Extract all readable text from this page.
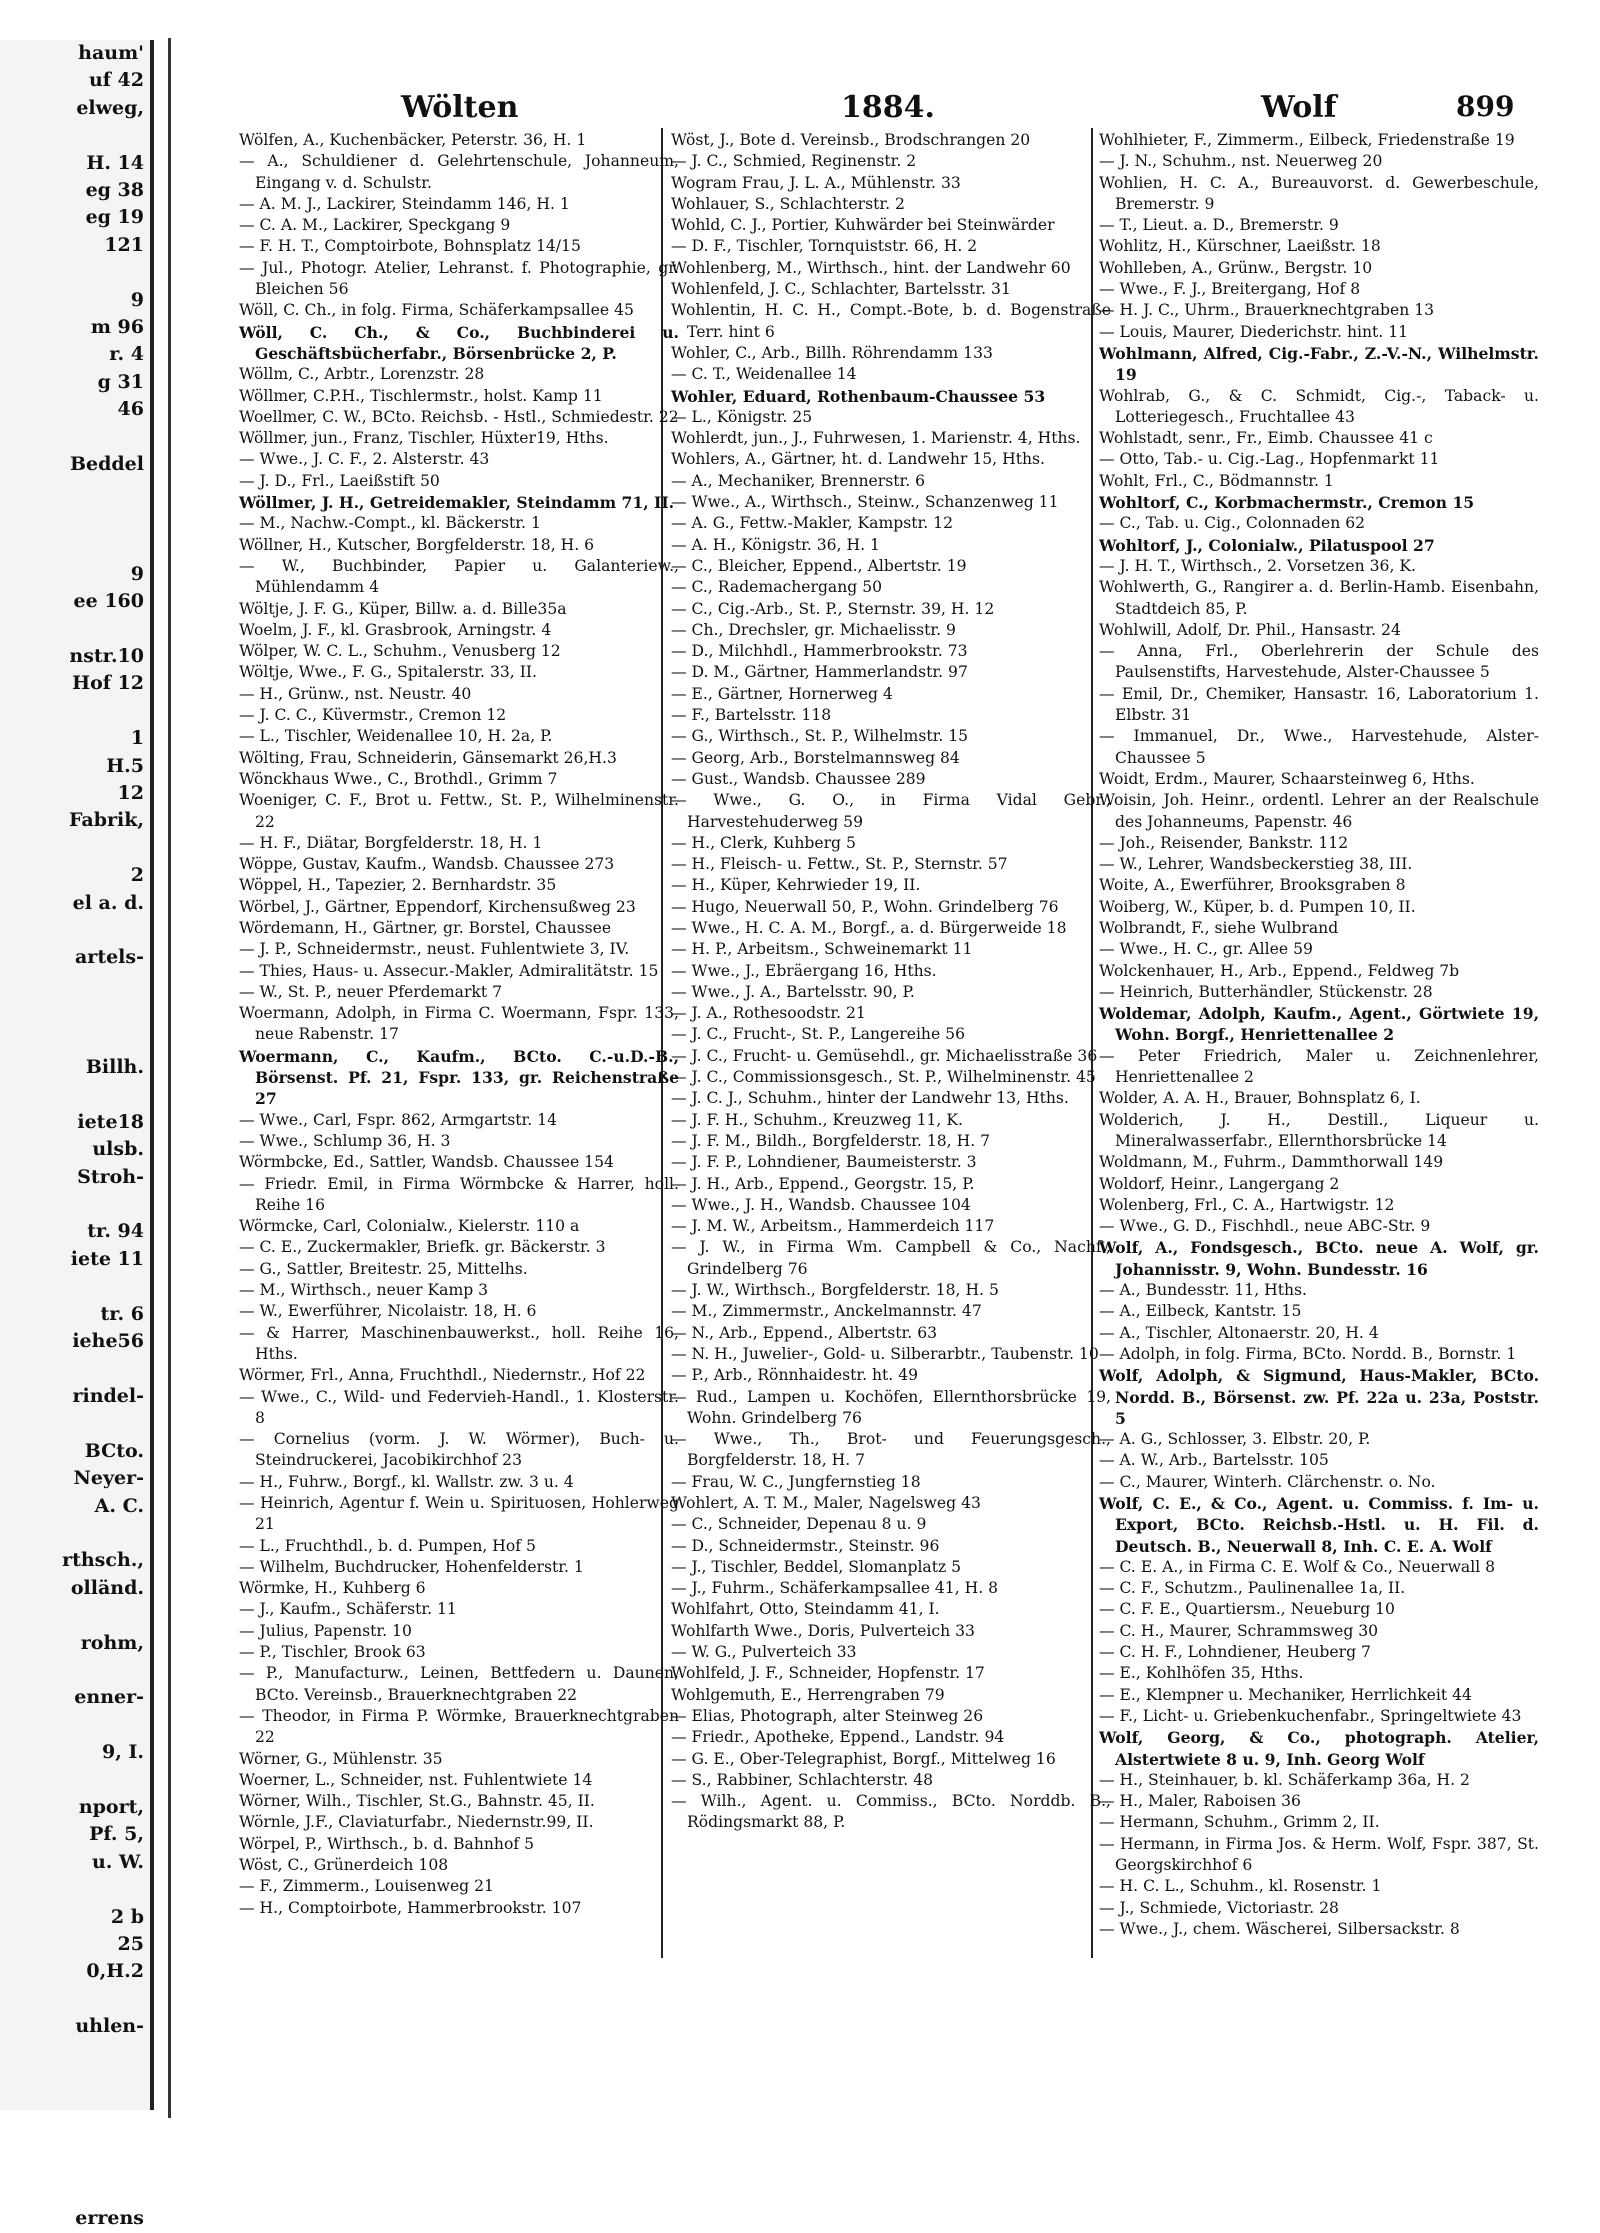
haum'
uf 42
elweg,

H. 14
eg 38
eg 19
121

9
m 96
r. 4
g 31
46

Beddel

9
ee 160

nstr.10
Hof 12

1
H.5
12
Fabrik,

2
el a. d.

artels-

Billh.

iete18
ulsb.
Stroh-

tr. 94
iete 11

tr. 6
iehe56

rindel-

BCto.
Neyer-
A. C.

rthsch.,
olländ.

rohm,

enner-

9, I.

nport,
Pf. 5,
u. W.

2 b
25
0,H.2

uhlen-

errens
Wölten	1884.	Wolf	899

Wölfen, A., Kuchenbäcker, Peterstr. 36, H. 1

— A., Schuldiener d. Gelehrtenschule, Johanneum, Eingang v. d. Schulstr.

— A. M. J., Lackirer, Steindamm 146, H. 1

— C. A. M., Lackirer, Speckgang 9

— F. H. T., Comptoirbote, Bohnsplatz 14/15

— Jul., Photogr. Atelier, Lehranst. f. Photographie, gr. Bleichen 56

Wöll, C. Ch., in folg. Firma, Schäferkampsallee 45

Wöll, C. Ch., & Co., Buchbinderei u. Geschäftsbücherfabr., Börsenbrücke 2, P.

Wöllm, C., Arbtr., Lorenzstr. 28

Wöllmer, C.P.H., Tischlermstr., holst. Kamp 11

Woellmer, C. W., BCto. Reichsb. - Hstl., Schmiedestr. 22

Wöllmer, jun., Franz, Tischler, Hüxter19, Hths.

— Wwe., J. C. F., 2. Alsterstr. 43

— J. D., Frl., Laeißstift 50

Wöllmer, J. H., Getreidemakler, Steindamm 71, II.

— M., Nachw.-Compt., kl. Bäckerstr. 1

Wöllner, H., Kutscher, Borgfelderstr. 18, H. 6

— W., Buchbinder, Papier u. Galanteriew., Mühlendamm 4

Wöltje, J. F. G., Küper, Billw. a. d. Bille35a

Woelm, J. F., kl. Grasbrook, Arningstr. 4

Wölper, W. C. L., Schuhm., Venusberg 12

Wöltje, Wwe., F. G., Spitalerstr. 33, II.

— H., Grünw., nst. Neustr. 40

— J. C. C., Küvermstr., Cremon 12

— L., Tischler, Weidenallee 10, H. 2a, P.

Wölting, Frau, Schneiderin, Gänsemarkt 26,H.3

Wönckhaus Wwe., C., Brothdl., Grimm 7

Woeniger, C. F., Brot u. Fettw., St. P., Wilhelminenstr. 22

— H. F., Diätar, Borgfelderstr. 18, H. 1

Wöppe, Gustav, Kaufm., Wandsb. Chaussee 273

Wöppel, H., Tapezier, 2. Bernhardstr. 35

Wörbel, J., Gärtner, Eppendorf, Kirchensußweg 23

Wördemann, H., Gärtner, gr. Borstel, Chaussee

— J. P., Schneidermstr., neust. Fuhlentwiete 3, IV.

— Thies, Haus- u. Assecur.-Makler, Admiralitätstr. 15

— W., St. P., neuer Pferdemarkt 7

Woermann, Adolph, in Firma C. Woermann, Fspr. 133, neue Rabenstr. 17

Woermann, C., Kaufm., BCto. C.-u.D.-B., Börsenst. Pf. 21, Fspr. 133, gr. Reichenstraße 27

— Wwe., Carl, Fspr. 862, Armgartstr. 14

— Wwe., Schlump 36, H. 3

Wörmbcke, Ed., Sattler, Wandsb. Chaussee 154

— Friedr. Emil, in Firma Wörmbcke & Harrer, holl. Reihe 16

Wörmcke, Carl, Colonialw., Kielerstr. 110 a

— C. E., Zuckermakler, Briefk. gr. Bäckerstr. 3

— G., Sattler, Breitestr. 25, Mittelhs.

— M., Wirthsch., neuer Kamp 3

— W., Ewerführer, Nicolaistr. 18, H. 6

— & Harrer, Maschinenbauwerkst., holl. Reihe 16, Hths.

Wörmer, Frl., Anna, Fruchthdl., Niedernstr., Hof 22

— Wwe., C., Wild- und Federvieh-Handl., 1. Klosterstr. 8

— Cornelius (vorm. J. W. Wörmer), Buch- u. Steindruckerei, Jacobikirchhof 23

— H., Fuhrw., Borgf., kl. Wallstr. zw. 3 u. 4

— Heinrich, Agentur f. Wein u. Spirituosen, Hohlerweg 21

— L., Fruchthdl., b. d. Pumpen, Hof 5

— Wilhelm, Buchdrucker, Hohenfelderstr. 1

Wörmke, H., Kuhberg 6

— J., Kaufm., Schäferstr. 11

— Julius, Papenstr. 10

— P., Tischler, Brook 63

— P., Manufacturw., Leinen, Bettfedern u. Daunen, BCto. Vereinsb., Brauerknechtgraben 22

— Theodor, in Firma P. Wörmke, Brauerknechtgraben 22

Wörner, G., Mühlenstr. 35

Woerner, L., Schneider, nst. Fuhlentwiete 14

Wörner, Wilh., Tischler, St.G., Bahnstr. 45, II.

Wörnle, J.F., Claviaturfabr., Niedernstr.99, II.

Wörpel, P., Wirthsch., b. d. Bahnhof 5

Wöst, C., Grünerdeich 108

— F., Zimmerm., Louisenweg 21

— H., Comptoirbote, Hammerbrookstr. 107

Wöst, J., Bote d. Vereinsb., Brodschrangen 20

— J. C., Schmied, Reginenstr. 2

Wogram Frau, J. L. A., Mühlenstr. 33

Wohlauer, S., Schlachterstr. 2

Wohld, C. J., Portier, Kuhwärder bei Steinwärder

— D. F., Tischler, Tornquiststr. 66, H. 2

Wohlenberg, M., Wirthsch., hint. der Landwehr 60

Wohlenfeld, J. C., Schlachter, Bartelsstr. 31

Wohlentin, H. C. H., Compt.-Bote, b. d. Bogenstraße Terr. hint 6

Wohler, C., Arb., Billh. Röhrendamm 133

— C. T., Weidenallee 14

Wohler, Eduard, Rothenbaum-Chaussee 53

— L., Königstr. 25

Wohlerdt, jun., J., Fuhrwesen, 1. Marienstr. 4, Hths.

Wohlers, A., Gärtner, ht. d. Landwehr 15, Hths.

— A., Mechaniker, Brennerstr. 6

— Wwe., A., Wirthsch., Steinw., Schanzenweg 11

— A. G., Fettw.-Makler, Kampstr. 12

— A. H., Königstr. 36, H. 1

— C., Bleicher, Eppend., Albertstr. 19

— C., Rademachergang 50

— C., Cig.-Arb., St. P., Sternstr. 39, H. 12

— Ch., Drechsler, gr. Michaelisstr. 9

— D., Milchhdl., Hammerbrookstr. 73

— D. M., Gärtner, Hammerlandstr. 97

— E., Gärtner, Hornerweg 4

— F., Bartelsstr. 118

— G., Wirthsch., St. P., Wilhelmstr. 15

— Georg, Arb., Borstelmannsweg 84

— Gust., Wandsb. Chaussee 289

— Wwe., G. O., in Firma Vidal Gebr., Harvestehuderweg 59

— H., Clerk, Kuhberg 5

— H., Fleisch- u. Fettw., St. P., Sternstr. 57

— H., Küper, Kehrwieder 19, II.

— Hugo, Neuerwall 50, P., Wohn. Grindelberg 76

— Wwe., H. C. A. M., Borgf., a. d. Bürgerweide 18

— H. P., Arbeitsm., Schweinemarkt 11

— Wwe., J., Ebräergang 16, Hths.

— Wwe., J. A., Bartelsstr. 90, P.

— J. A., Rothesoodstr. 21

— J. C., Frucht-, St. P., Langereihe 56

— J. C., Frucht- u. Gemüsehdl., gr. Michaelisstraße 36

— J. C., Commissionsgesch., St. P., Wilhelminenstr. 45

— J. C. J., Schuhm., hinter der Landwehr 13, Hths.

— J. F. H., Schuhm., Kreuzweg 11, K.

— J. F. M., Bildh., Borgfelderstr. 18, H. 7

— J. F. P., Lohndiener, Baumeisterstr. 3

— J. H., Arb., Eppend., Georgstr. 15, P.

— Wwe., J. H., Wandsb. Chaussee 104

— J. M. W., Arbeitsm., Hammerdeich 117

— J. W., in Firma Wm. Campbell & Co., Nachf., Grindelberg 76

— J. W., Wirthsch., Borgfelderstr. 18, H. 5

— M., Zimmermstr., Anckelmannstr. 47

— N., Arb., Eppend., Albertstr. 63

— N. H., Juwelier-, Gold- u. Silberarbtr., Taubenstr. 10

— P., Arb., Rönnhaidestr. ht. 49

— Rud., Lampen u. Kochöfen, Ellernthorsbrücke 19, Wohn. Grindelberg 76

— Wwe., Th., Brot- und Feuerungsgesch., Borgfelderstr. 18, H. 7

— Frau, W. C., Jungfernstieg 18

Wohlert, A. T. M., Maler, Nagelsweg 43

— C., Schneider, Depenau 8 u. 9

— D., Schneidermstr., Steinstr. 96

— J., Tischler, Beddel, Slomanplatz 5

— J., Fuhrm., Schäferkampsallee 41, H. 8

Wohlfahrt, Otto, Steindamm 41, I.

Wohlfarth Wwe., Doris, Pulverteich 33

— W. G., Pulverteich 33

Wohlfeld, J. F., Schneider, Hopfenstr. 17

Wohlgemuth, E., Herrengraben 79

— Elias, Photograph, alter Steinweg 26

— Friedr., Apotheke, Eppend., Landstr. 94

— G. E., Ober-Telegraphist, Borgf., Mittelweg 16

— S., Rabbiner, Schlachterstr. 48

— Wilh., Agent. u. Commiss., BCto. Norddb. B., Rödingsmarkt 88, P.

Wohlhieter, F., Zimmerm., Eilbeck, Friedenstraße 19

— J. N., Schuhm., nst. Neuerweg 20

Wohlien, H. C. A., Bureauvorst. d. Gewerbeschule, Bremerstr. 9

— T., Lieut. a. D., Bremerstr. 9

Wohlitz, H., Kürschner, Laeißstr. 18

Wohlleben, A., Grünw., Bergstr. 10

— Wwe., F. J., Breitergang, Hof 8

— H. J. C., Uhrm., Brauerknechtgraben 13

— Louis, Maurer, Diederichstr. hint. 11

Wohlmann, Alfred, Cig.-Fabr., Z.-V.-N., Wilhelmstr. 19

Wohlrab, G., & C. Schmidt, Cig.-, Taback- u. Lotteriegesch., Fruchtallee 43

Wohlstadt, senr., Fr., Eimb. Chaussee 41 c

— Otto, Tab.- u. Cig.-Lag., Hopfenmarkt 11

Wohlt, Frl., C., Bödmannstr. 1

Wohltorf, C., Korbmachermstr., Cremon 15

— C., Tab. u. Cig., Colonnaden 62

Wohltorf, J., Colonialw., Pilatuspool 27

— J. H. T., Wirthsch., 2. Vorsetzen 36, K.

Wohlwerth, G., Rangirer a. d. Berlin-Hamb. Eisenbahn, Stadtdeich 85, P.

Wohlwill, Adolf, Dr. Phil., Hansastr. 24

— Anna, Frl., Oberlehrerin der Schule des Paulsenstifts, Harvestehude, Alster-Chaussee 5

— Emil, Dr., Chemiker, Hansastr. 16, Laboratorium 1. Elbstr. 31

— Immanuel, Dr., Wwe., Harvestehude, Alster-Chaussee 5

Woidt, Erdm., Maurer, Schaarsteinweg 6, Hths.

Woisin, Joh. Heinr., ordentl. Lehrer an der Realschule des Johanneums, Papenstr. 46

— Joh., Reisender, Bankstr. 112

— W., Lehrer, Wandsbeckerstieg 38, III.

Woite, A., Ewerführer, Brooksgraben 8

Woiberg, W., Küper, b. d. Pumpen 10, II.

Wolbrandt, F., siehe Wulbrand

— Wwe., H. C., gr. Allee 59

Wolckenhauer, H., Arb., Eppend., Feldweg 7b

— Heinrich, Butterhändler, Stückenstr. 28

Woldemar, Adolph, Kaufm., Agent., Görtwiete 19, Wohn. Borgf., Henriettenallee 2

— Peter Friedrich, Maler u. Zeichnenlehrer, Henriettenallee 2

Wolder, A. A. H., Brauer, Bohnsplatz 6, I.

Wolderich, J. H., Destill., Liqueur u. Mineralwasserfabr., Ellernthorsbrücke 14

Woldmann, M., Fuhrm., Dammthorwall 149

Woldorf, Heinr., Langergang 2

Wolenberg, Frl., C. A., Hartwigstr. 12

— Wwe., G. D., Fischhdl., neue ABC-Str. 9

Wolf, A., Fondsgesch., BCto. neue A. Wolf, gr. Johannisstr. 9, Wohn. Bundesstr. 16

— A., Bundesstr. 11, Hths.

— A., Eilbeck, Kantstr. 15

— A., Tischler, Altonaerstr. 20, H. 4

— Adolph, in folg. Firma, BCto. Nordd. B., Bornstr. 1

Wolf, Adolph, & Sigmund, Haus-Makler, BCto. Nordd. B., Börsenst. zw. Pf. 22a u. 23a, Poststr. 5

— A. G., Schlosser, 3. Elbstr. 20, P.

— A. W., Arb., Bartelsstr. 105

— C., Maurer, Winterh. Clärchenstr. o. No.

Wolf, C. E., & Co., Agent. u. Commiss. f. Im- u. Export, BCto. Reichsb.-Hstl. u. H. Fil. d. Deutsch. B., Neuerwall 8, Inh. C. E. A. Wolf

— C. E. A., in Firma C. E. Wolf & Co., Neuerwall 8

— C. F., Schutzm., Paulinenallee 1a, II.

— C. F. E., Quartiersm., Neueburg 10

— C. H., Maurer, Schrammsweg 30

— C. H. F., Lohndiener, Heuberg 7

— E., Kohlhöfen 35, Hths.

— E., Klempner u. Mechaniker, Herrlichkeit 44

— F., Licht- u. Griebenkuchenfabr., Springeltwiete 43

Wolf, Georg, & Co., photograph. Atelier, Alstertwiete 8 u. 9, Inh. Georg Wolf

— H., Steinhauer, b. kl. Schäferkamp 36a, H. 2

— H., Maler, Raboisen 36

— Hermann, Schuhm., Grimm 2, II.

— Hermann, in Firma Jos. & Herm. Wolf, Fspr. 387, St. Georgskirchhof 6

— H. C. L., Schuhm., kl. Rosenstr. 1

— J., Schmiede, Victoriastr. 28

— Wwe., J., chem. Wäscherei, Silbersackstr. 8
